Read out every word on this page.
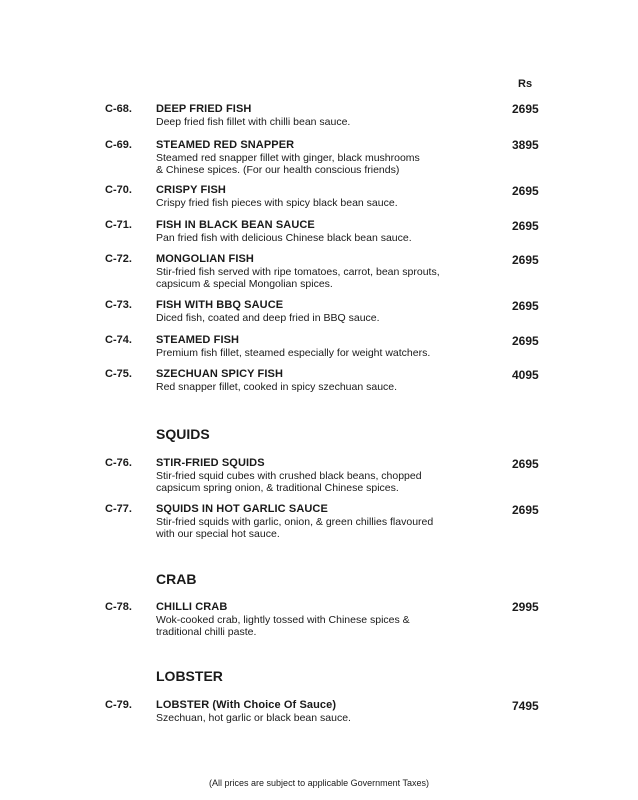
Rs
C-68. DEEP FRIED FISH
Deep fried fish fillet with chilli bean sauce.
2695
C-69. STEAMED RED SNAPPER
Steamed red snapper fillet with ginger, black mushrooms
& Chinese spices. (For our health conscious friends)
3895
C-70. CRISPY FISH
Crispy fried fish pieces with spicy black bean sauce.
2695
C-71. FISH IN BLACK BEAN SAUCE
Pan fried fish with delicious Chinese black bean sauce.
2695
C-72. MONGOLIAN FISH
Stir-fried fish served with ripe tomatoes, carrot, bean sprouts,
capsicum & special Mongolian spices.
2695
C-73. FISH WITH BBQ SAUCE
Diced fish, coated and deep fried in BBQ sauce.
2695
C-74. STEAMED FISH
Premium fish fillet, steamed especially for weight watchers.
2695
C-75. SZECHUAN SPICY FISH
Red snapper fillet, cooked in spicy szechuan sauce.
4095
SQUIDS
C-76. STIR-FRIED SQUIDS
Stir-fried squid cubes with crushed black beans, chopped
capsicum spring onion, & traditional Chinese spices.
2695
C-77. SQUIDS IN HOT GARLIC SAUCE
Stir-fried squids with garlic, onion, & green chillies flavoured
with our special hot sauce.
2695
CRAB
C-78. CHILLI CRAB
Wok-cooked crab, lightly tossed with Chinese spices &
traditional chilli paste.
2995
LOBSTER
C-79. LOBSTER (With Choice Of Sauce)
Szechuan, hot garlic or black bean sauce.
7495
(All prices are subject to applicable Government Taxes)
